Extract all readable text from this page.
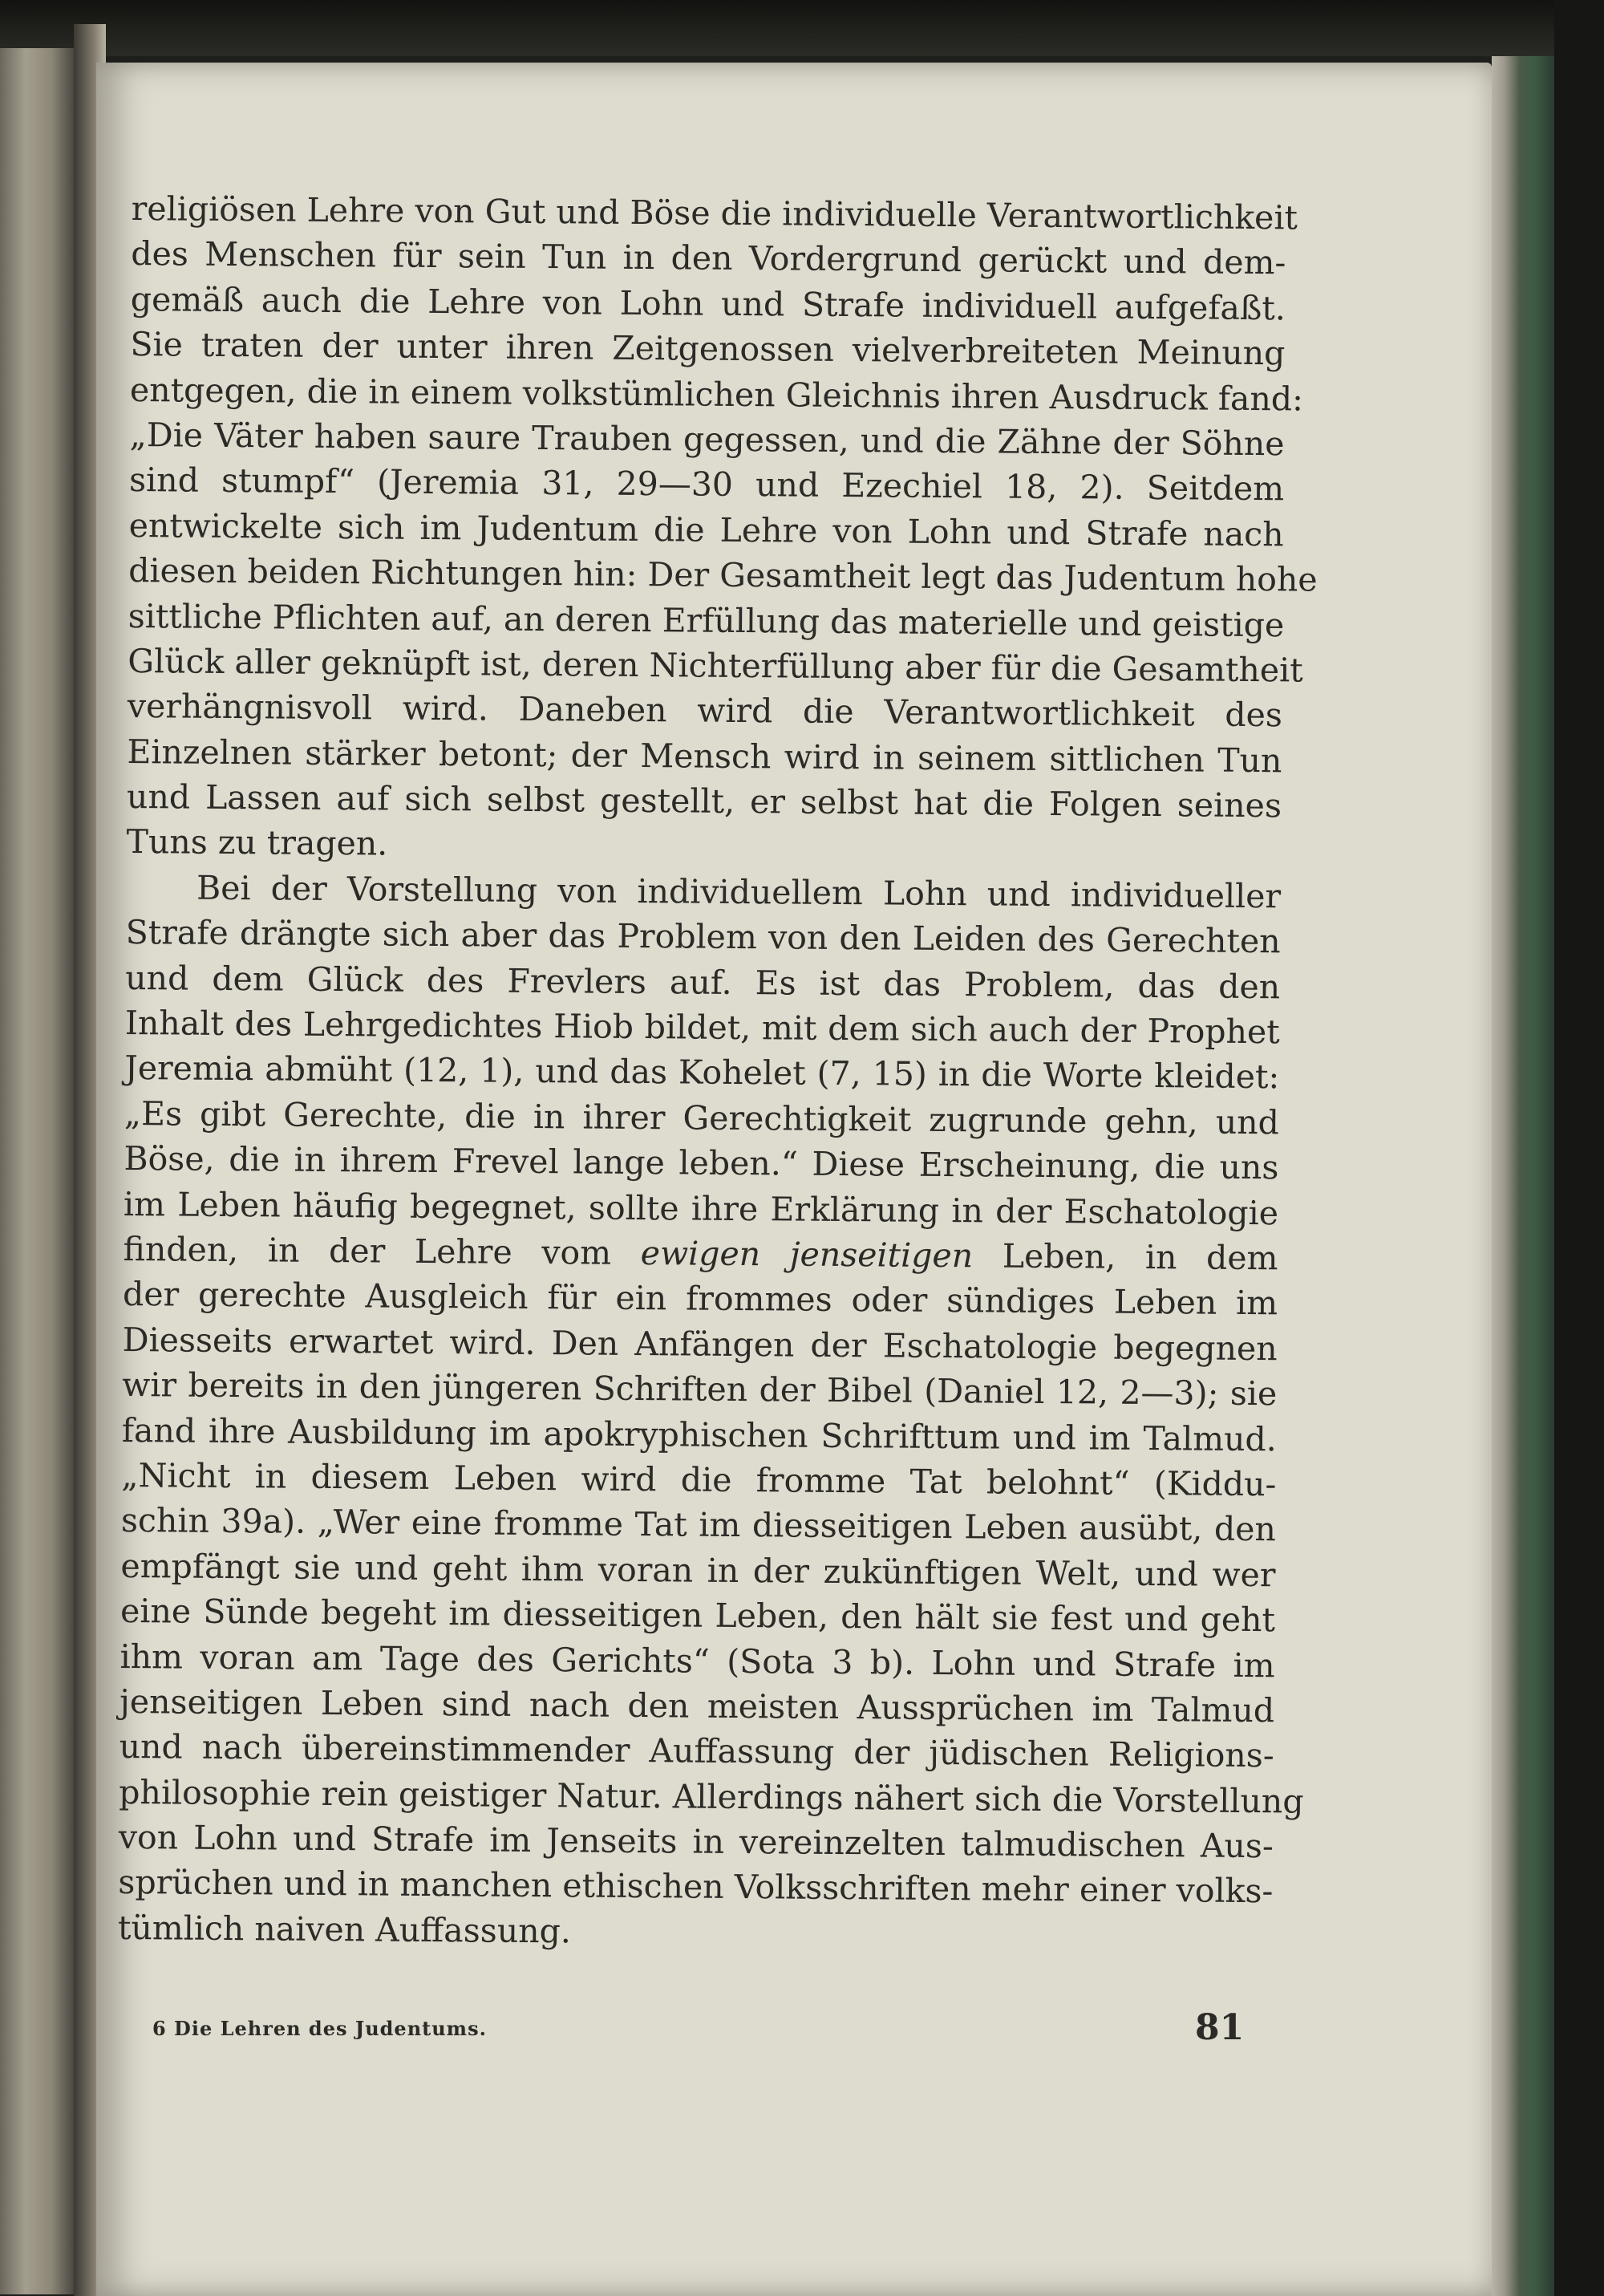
religiösen Lehre von Gut und Böse die individuelle Verantwortlichkeit
des Menschen für sein Tun in den Vordergrund gerückt und dem-
gemäß auch die Lehre von Lohn und Strafe individuell aufgefaßt.
Sie traten der unter ihren Zeitgenossen vielverbreiteten Meinung
entgegen, die in einem volkstümlichen Gleichnis ihren Ausdruck fand:
„Die Väter haben saure Trauben gegessen, und die Zähne der Söhne
sind stumpf“ (Jeremia 31, 29—30 und Ezechiel 18, 2). Seitdem
entwickelte sich im Judentum die Lehre von Lohn und Strafe nach
diesen beiden Richtungen hin: Der Gesamtheit legt das Judentum hohe
sittliche Pflichten auf, an deren Erfüllung das materielle und geistige
Glück aller geknüpft ist, deren Nichterfüllung aber für die Gesamtheit
verhängnisvoll wird. Daneben wird die Verantwortlichkeit des
Einzelnen stärker betont; der Mensch wird in seinem sittlichen Tun
und Lassen auf sich selbst gestellt, er selbst hat die Folgen seines
Tuns zu tragen.
Bei der Vorstellung von individuellem Lohn und individueller
Strafe drängte sich aber das Problem von den Leiden des Gerechten
und dem Glück des Frevlers auf. Es ist das Problem, das den
Inhalt des Lehrgedichtes Hiob bildet, mit dem sich auch der Prophet
Jeremia abmüht (12, 1), und das Kohelet (7, 15) in die Worte kleidet:
„Es gibt Gerechte, die in ihrer Gerechtigkeit zugrunde gehn, und
Böse, die in ihrem Frevel lange leben.“ Diese Erscheinung, die uns
im Leben häufig begegnet, sollte ihre Erklärung in der Eschatologie
finden, in der Lehre vom ewigen jenseitigen Leben, in dem
der gerechte Ausgleich für ein frommes oder sündiges Leben im
Diesseits erwartet wird. Den Anfängen der Eschatologie begegnen
wir bereits in den jüngeren Schriften der Bibel (Daniel 12, 2—3); sie
fand ihre Ausbildung im apokryphischen Schrifttum und im Talmud.
„Nicht in diesem Leben wird die fromme Tat belohnt“ (Kiddu-
schin 39a). „Wer eine fromme Tat im diesseitigen Leben ausübt, den
empfängt sie und geht ihm voran in der zukünftigen Welt, und wer
eine Sünde begeht im diesseitigen Leben, den hält sie fest und geht
ihm voran am Tage des Gerichts“ (Sota 3 b). Lohn und Strafe im
jenseitigen Leben sind nach den meisten Aussprüchen im Talmud
und nach übereinstimmender Auffassung der jüdischen Religions-
philosophie rein geistiger Natur. Allerdings nähert sich die Vorstellung
von Lohn und Strafe im Jenseits in vereinzelten talmudischen Aus-
sprüchen und in manchen ethischen Volksschriften mehr einer volks-
tümlich naiven Auffassung.
6 Die Lehren des Judentums.	81
